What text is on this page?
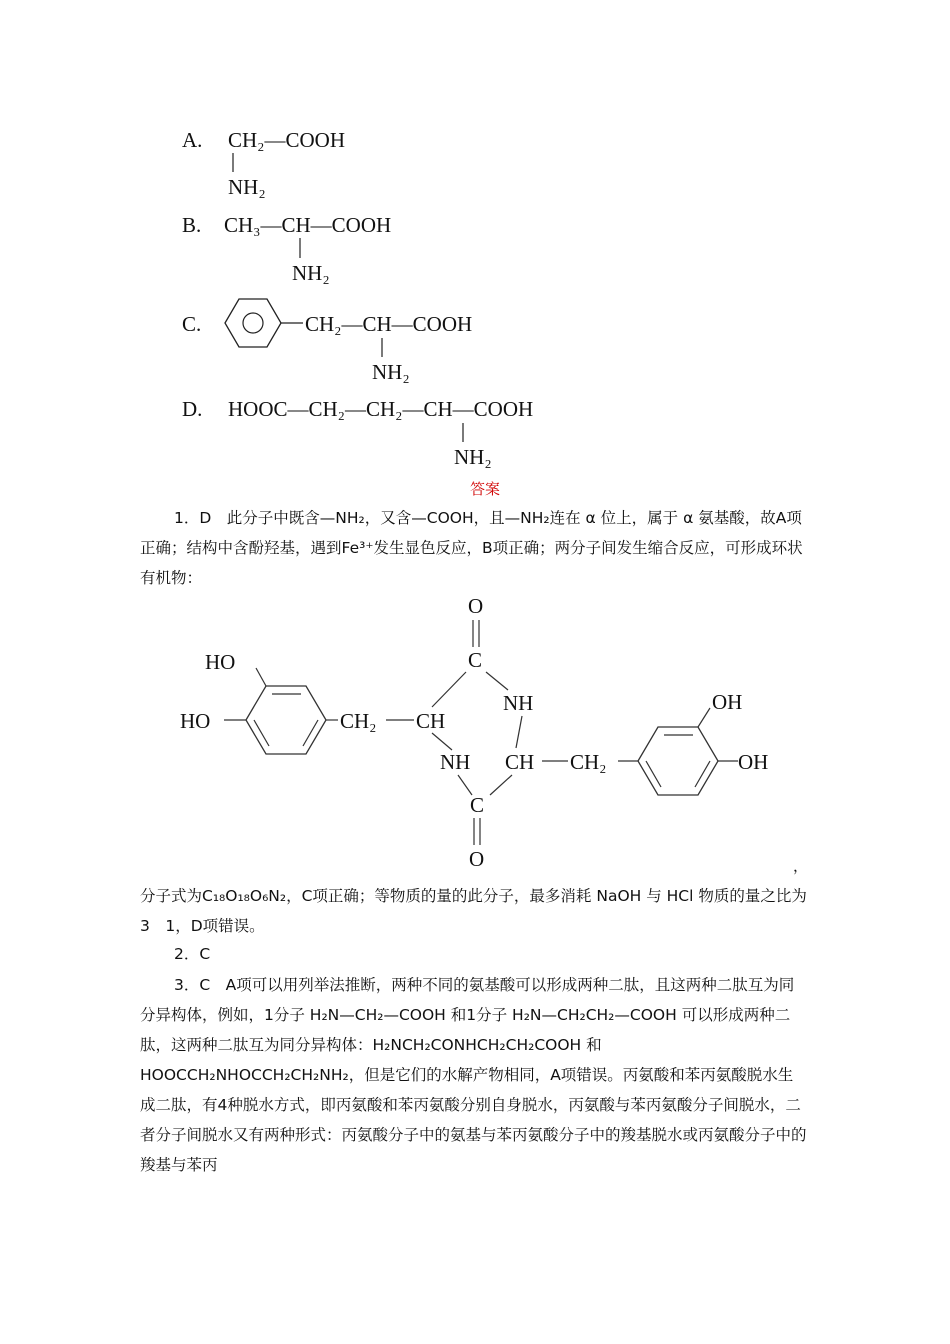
A. CH₂—COOH
NH₂
B. CH₃—CH—COOH
NH₂
C.	CH₂—CH—COOH
NH₂
D. HOOC—CH₂—CH₂—CH—COOH
NH₂
答案
1．D　此分子中既含—NH₂，又含—COOH，且—NH₂连在 α 位上，属于 α 氨基酸，故A项正确；结构中含酚羟基，遇到Fe³⁺发生显色反应，B项正确；两分子间发生缩合反应，可形成环状有机物：
HO
HO	CH₂ CH
O
C
NH
CH CH₂
NH
C
O
OH
OH
，
分子式为C₁₈O₁₈O₆N₂，C项正确；等物质的量的此分子，最多消耗 NaOH 与 HCl 物质的量之比为3　1，D项错误。
2．C
3．C　A项可以用列举法推断，两种不同的氨基酸可以形成两种二肽，且这两种二肽互为同分异构体，例如，1分子 H₂N—CH₂—COOH 和1分子 H₂N—CH₂CH₂—COOH 可以形成两种二肽，这两种二肽互为同分异构体：H₂NCH₂CONHCH₂CH₂COOH 和 HOOCCH₂NHOCCH₂CH₂NH₂，但是它们的水解产物相同，A项错误。丙氨酸和苯丙氨酸脱水生成二肽，有4种脱水方式，即丙氨酸和苯丙氨酸分别自身脱水，丙氨酸与苯丙氨酸分子间脱水，二者分子间脱水又有两种形式：丙氨酸分子中的氨基与苯丙氨酸分子中的羧基脱水或丙氨酸分子中的羧基与苯丙
